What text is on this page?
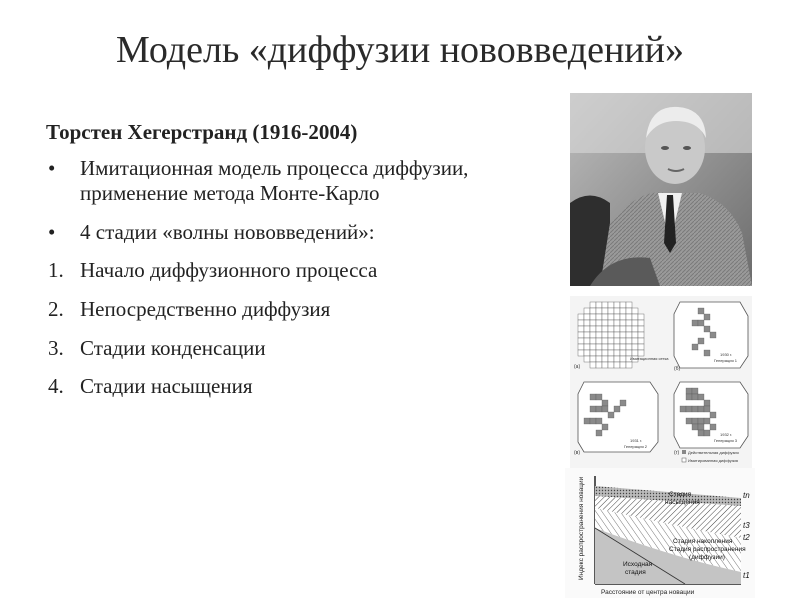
Модель «диффузии нововведений»
Торстен Хегерстранд (1916-2004)
• Имитационная модель процесса диффузии, применение метода Монте-Карло
• 4 стадии «волны нововведений»:
1. Начало диффузионного процесса
2. Непосредственно диффузия
3. Стадии конденсации
4. Стадии насыщения
(а)
Имитационная сетка
(б)
1930 г.
Генерация 1
(в)
1931 г.
Генерация 2
(г)
1932 г.
Генерация 3
Действительная диффузия
Имитированная диффузия
Индекс распространения новации
Расстояние от центра новации
Стадия
насыщения
Стадия накопления
Стадия распространения
(диффузии)
Исходная
стадия
tn
t3
t2
t1
